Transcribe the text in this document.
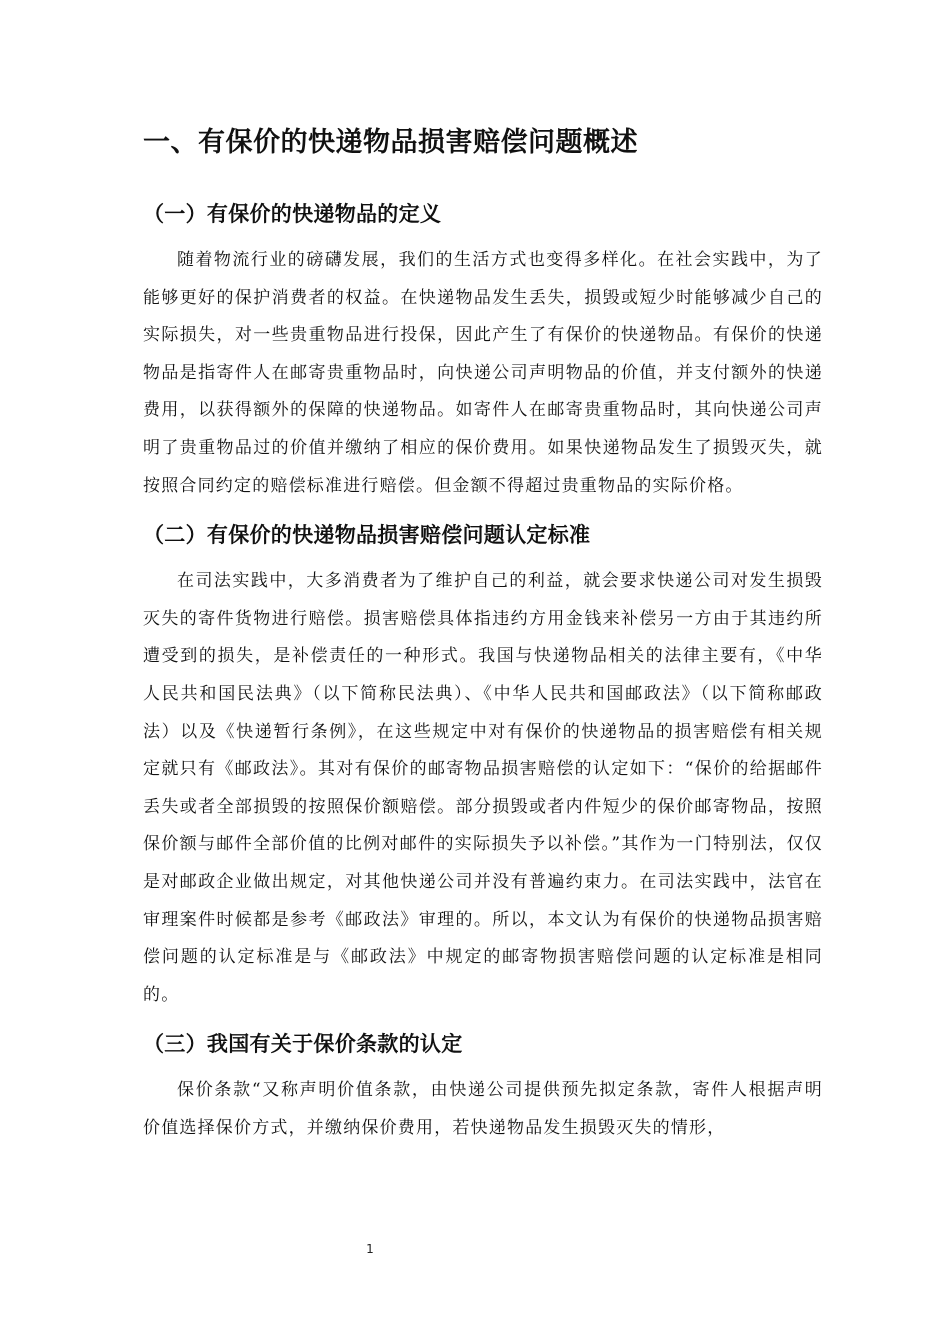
一、有保价的快递物品损害赔偿问题概述
（一）有保价的快递物品的定义

随着物流行业的磅礴发展，我们的生活方式也变得多样化。在社会实践中，为了能够更好的保护消费者的权益。在快递物品发生丢失，损毁或短少时能够减少自己的实际损失，对一些贵重物品进行投保，因此产生了有保价的快递物品。有保价的快递物品是指寄件人在邮寄贵重物品时，向快递公司声明物品的价值，并支付额外的快递费用，以获得额外的保障的快递物品。如寄件人在邮寄贵重物品时，其向快递公司声明了贵重物品过的价值并缴纳了相应的保价费用。如果快递物品发生了损毁灭失，就按照合同约定的赔偿标准进行赔偿。但金额不得超过贵重物品的实际价格。

（二）有保价的快递物品损害赔偿问题认定标准

在司法实践中，大多消费者为了维护自己的利益，就会要求快递公司对发生损毁灭失的寄件货物进行赔偿。损害赔偿具体指违约方用金钱来补偿另一方由于其违约所遭受到的损失，是补偿责任的一种形式。我国与快递物品相关的法律主要有，《中华人民共和国民法典》（以下简称民法典）、《中华人民共和国邮政法》（以下简称邮政法）以及《快递暂行条例》，在这些规定中对有保价的快递物品的损害赔偿有相关规定就只有《邮政法》。其对有保价的邮寄物品损害赔偿的认定如下：“保价的给据邮件丢失或者全部损毁的按照保价额赔偿。部分损毁或者内件短少的保价邮寄物品，按照保价额与邮件全部价值的比例对邮件的实际损失予以补偿。”其作为一门特别法，仅仅是对邮政企业做出规定，对其他快递公司并没有普遍约束力。在司法实践中，法官在审理案件时候都是参考《邮政法》审理的。所以，本文认为有保价的快递物品损害赔偿问题的认定标准是与《邮政法》中规定的邮寄物损害赔偿问题的认定标准是相同的。

（三）我国有关于保价条款的认定

保价条款“又称声明价值条款，由快递公司提供预先拟定条款，寄件人根据声明价值选择保价方式，并缴纳保价费用，若快递物品发生损毁灭失的情形，

1
